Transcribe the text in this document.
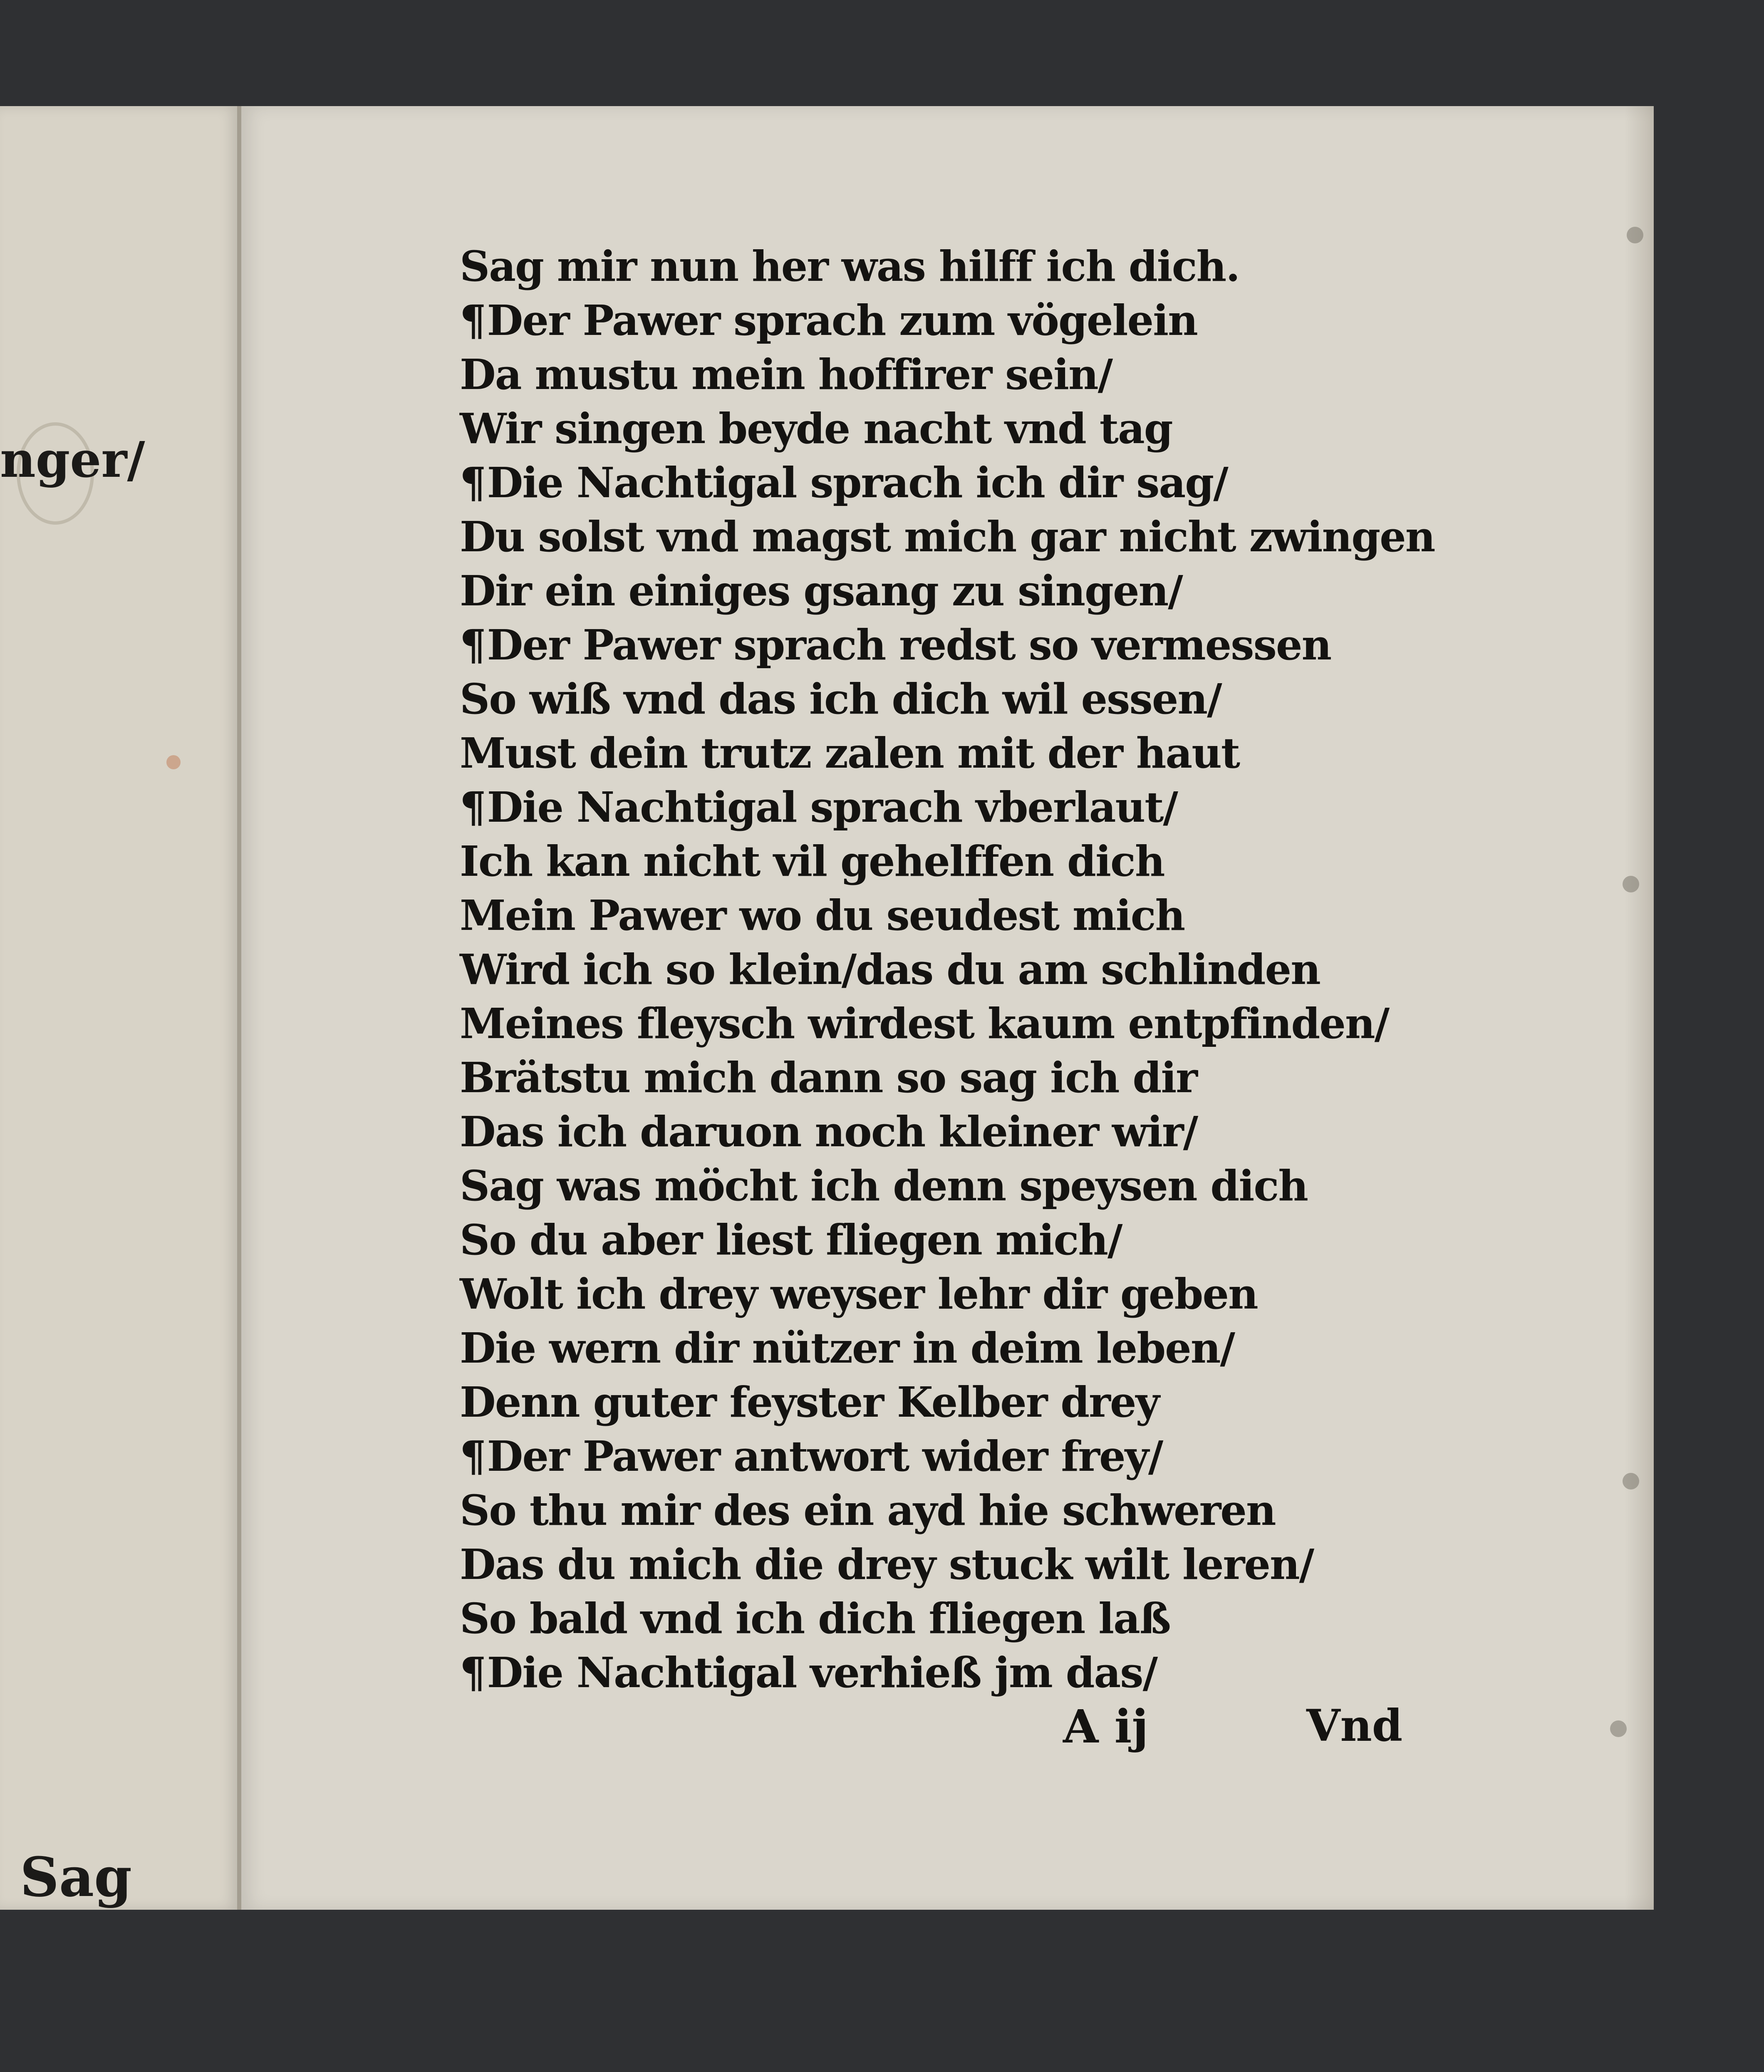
nger/
Sag
Sag mir nun her was hilff ich dich.
¶Der Pawer sprach zum vögelein
Da mustu mein hoffirer sein/
Wir singen beyde nacht vnd tag
¶Die Nachtigal sprach ich dir sag/
Du solst vnd magst mich gar nicht zwingen
Dir ein einiges gsang zu singen/
¶Der Pawer sprach redst so vermessen
So wiß vnd das ich dich wil essen/
Must dein trutz zalen mit der haut
¶Die Nachtigal sprach vberlaut/
Ich kan nicht vil gehelffen dich
Mein Pawer wo du seudest mich
Wird ich so klein/das du am schlinden
Meines fleysch wirdest kaum entpfinden/
Brätstu mich dann so sag ich dir
Das ich daruon noch kleiner wir/
Sag was möcht ich denn speysen dich
So du aber liest fliegen mich/
Wolt ich drey weyser lehr dir geben
Die wern dir nützer in deim leben/
Denn guter feyster Kelber drey
¶Der Pawer antwort wider frey/
So thu mir des ein ayd hie schweren
Das du mich die drey stuck wilt leren/
So bald vnd ich dich fliegen laß
¶Die Nachtigal verhieß jm das/
A ij	Vnd
